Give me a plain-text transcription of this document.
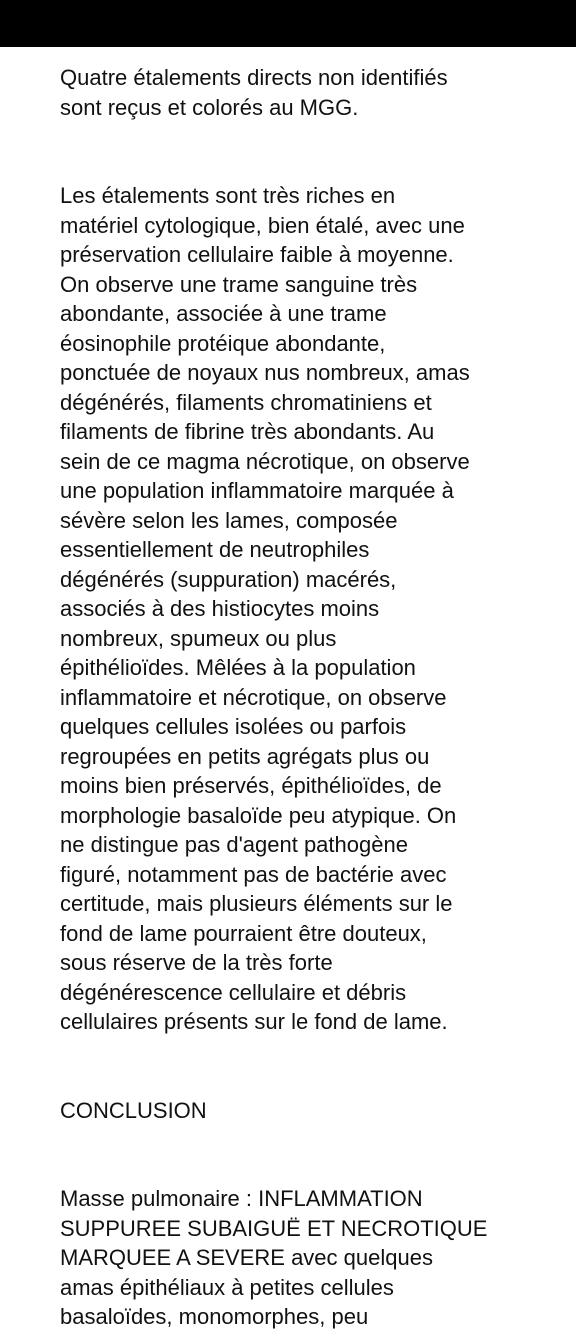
Quatre étalements directs non identifiés
sont reçus et colorés au MGG.

Les étalements sont très riches en
matériel cytologique, bien étalé, avec une
préservation cellulaire faible à moyenne.
On observe une trame sanguine très
abondante, associée à une trame
éosinophile protéique abondante,
ponctuée de noyaux nus nombreux, amas
dégénérés, filaments chromatiniens et
filaments de fibrine très abondants. Au
sein de ce magma nécrotique, on observe
une population inflammatoire marquée à
sévère selon les lames, composée
essentiellement de neutrophiles
dégénérés (suppuration) macérés,
associés à des histiocytes moins
nombreux, spumeux ou plus
épithélioïdes. Mêlées à la population
inflammatoire et nécrotique, on observe
quelques cellules isolées ou parfois
regroupées en petits agrégats plus ou
moins bien préservés, épithélioïdes, de
morphologie basaloïde peu atypique. On
ne distingue pas d'agent pathogène
figuré, notamment pas de bactérie avec
certitude, mais plusieurs éléments sur le
fond de lame pourraient être douteux,
sous réserve de la très forte
dégénérescence cellulaire et débris
cellulaires présents sur le fond de lame.

CONCLUSION

Masse pulmonaire : INFLAMMATION
SUPPUREE SUBAIGUË ET NECROTIQUE
MARQUEE A SEVERE avec quelques
amas épithéliaux à petites cellules
basaloïdes, monomorphes, peu
